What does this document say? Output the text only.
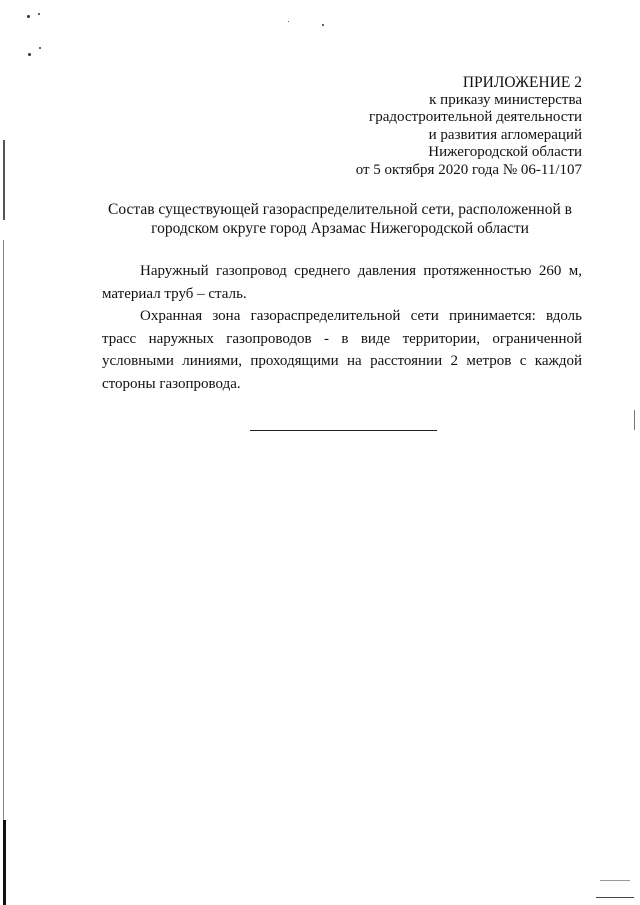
ПРИЛОЖЕНИЕ 2
к приказу министерства
градостроительной деятельности
и развития агломераций
Нижегородской области
от 5 октября 2020 года № 06-11/107
Состав существующей газораспределительной сети, расположенной в
городском округе город Арзамас Нижегородской области

Наружный газопровод среднего давления протяженностью 260 м, материал труб – сталь.

Охранная зона газораспределительной сети принимается: вдоль трасс наружных газопроводов - в виде территории, ограниченной условными линиями, проходящими на расстоянии 2 метров с каждой стороны газопровода.
